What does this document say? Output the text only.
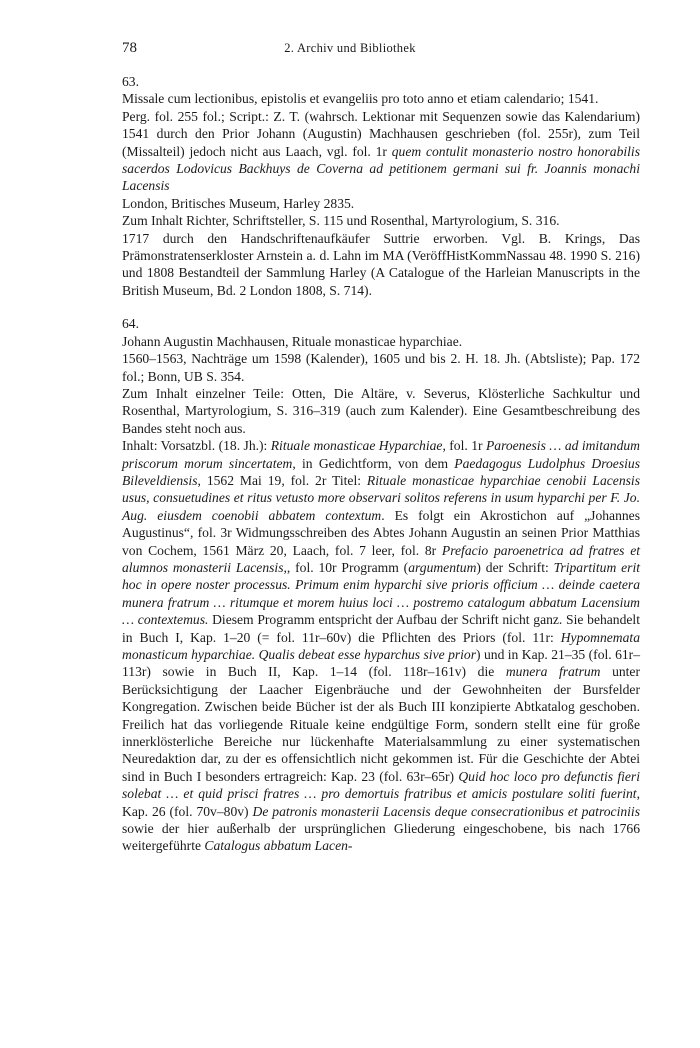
78	2. Archiv und Bibliothek

63.

Missale cum lectionibus, epistolis et evangeliis pro toto anno et etiam calendario; 1541.

Perg. fol. 255 fol.; Script.: Z. T. (wahrsch. Lektionar mit Sequenzen sowie das Kalendarium) 1541 durch den Prior Johann (Augustin) Machhausen geschrieben (fol. 255r), zum Teil (Missalteil) jedoch nicht aus Laach, vgl. fol. 1r quem contulit monasterio nostro honorabilis sacerdos Lodovicus Backhuys de Coverna ad petitionem germani sui fr. Joannis monachi Lacensis

London, Britisches Museum, Harley 2835.

Zum Inhalt Richter, Schriftsteller, S. 115 und Rosenthal, Martyrologium, S. 316.

1717 durch den Handschriftenaufkäufer Suttrie erworben. Vgl. B. Krings, Das Prämonstratenserkloster Arnstein a. d. Lahn im MA (VeröffHistKommNassau 48. 1990 S. 216) und 1808 Bestandteil der Sammlung Harley (A Catalogue of the Harleian Manuscripts in the British Museum, Bd. 2 London 1808, S. 714).

64.

Johann Augustin Machhausen, Rituale monasticae hyparchiae.

1560–1563, Nachträge um 1598 (Kalender), 1605 und bis 2. H. 18. Jh. (Abtsliste); Pap. 172 fol.; Bonn, UB S. 354.

Zum Inhalt einzelner Teile: Otten, Die Altäre, v. Severus, Klösterliche Sachkultur und Rosenthal, Martyrologium, S. 316–319 (auch zum Kalender). Eine Gesamtbeschreibung des Bandes steht noch aus.

Inhalt: Vorsatzbl. (18. Jh.): Rituale monasticae Hyparchiae, fol. 1r Paroenesis … ad imitandum priscorum morum sincertatem, in Gedichtform, von dem Paedagogus Ludolphus Droesius Bileveldiensis, 1562 Mai 19, fol. 2r Titel: Rituale monasticae hyparchiae cenobii Lacensis usus, consuetudines et ritus vetusto more observari solitos referens in usum hyparchi per F. Jo. Aug. eiusdem coenobii abbatem contextum. Es folgt ein Akrostichon auf „Johannes Augustinus“, fol. 3r Widmungsschreiben des Abtes Johann Augustin an seinen Prior Matthias von Cochem, 1561 März 20, Laach, fol. 7 leer, fol. 8r Prefacio paroenetrica ad fratres et alumnos monasterii Lacensis,, fol. 10r Programm (argumentum) der Schrift: Tripartitum erit hoc in opere noster processus. Primum enim hyparchi sive prioris officium … deinde caetera munera fratrum … ritumque et morem huius loci … postremo catalogum abbatum Lacensium … contextemus. Diesem Programm entspricht der Aufbau der Schrift nicht ganz. Sie behandelt in Buch I, Kap. 1–20 (= fol. 11r–60v) die Pflichten des Priors (fol. 11r: Hypomnemata monasticum hyparchiae. Qualis debeat esse hyparchus sive prior) und in Kap. 21–35 (fol. 61r–113r) sowie in Buch II, Kap. 1–14 (fol. 118r–161v) die munera fratrum unter Berücksichtigung der Laacher Eigenbräuche und der Gewohnheiten der Bursfelder Kongregation. Zwischen beide Bücher ist der als Buch III konzipierte Abtkatalog geschoben. Freilich hat das vorliegende Rituale keine endgültige Form, sondern stellt eine für große innerklösterliche Bereiche nur lückenhafte Materialsammlung zu einer systematischen Neuredaktion dar, zu der es offensichtlich nicht gekommen ist. Für die Geschichte der Abtei sind in Buch I besonders ertragreich: Kap. 23 (fol. 63r–65r) Quid hoc loco pro defunctis fieri solebat … et quid prisci fratres … pro demortuis fratribus et amicis postulare soliti fuerint, Kap. 26 (fol. 70v–80v) De patronis monasterii Lacensis deque consecrationibus et patrociniis sowie der hier außerhalb der ursprünglichen Gliederung eingeschobene, bis nach 1766 weitergeführte Catalogus abbatum Lacen-
